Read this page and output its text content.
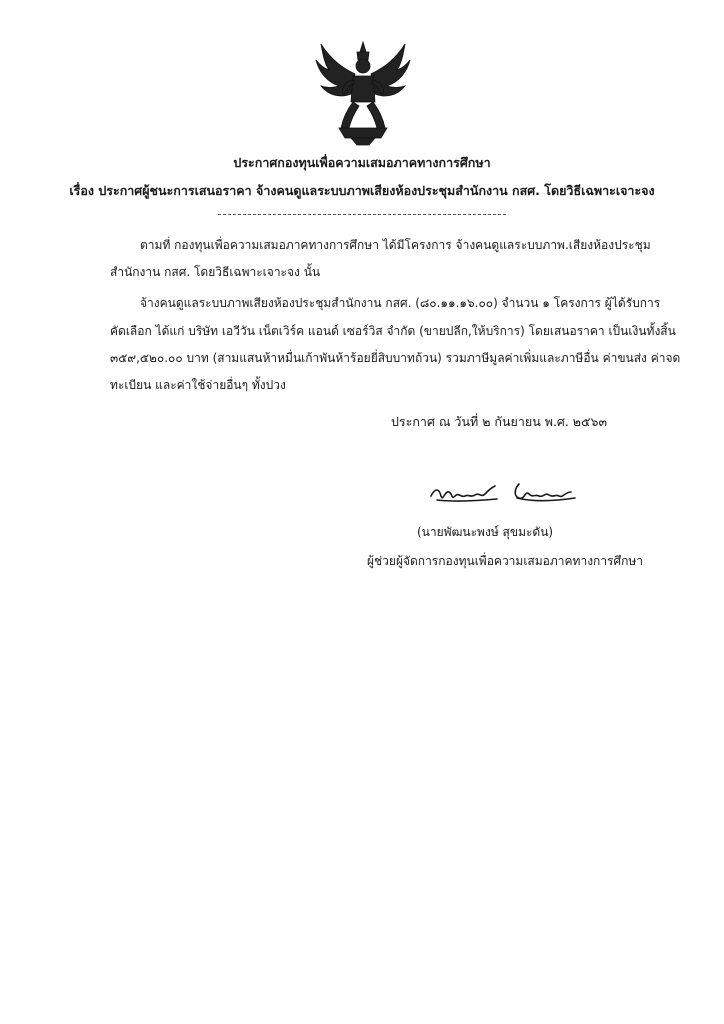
ประกาศกองทุนเพื่อความเสมอภาคทางการศึกษา
เรื่อง ประกาศผู้ชนะการเสนอราคา จ้างคนดูแลระบบภาพเสียงห้องประชุมสำนักงาน กสศ. โดยวิธีเฉพาะเจาะจง
ตามที่ กองทุนเพื่อความเสมอภาคทางการศึกษา ได้มีโครงการ จ้างคนดูแลระบบภาพ.เสียงห้องประชุม
สำนักงาน กสศ. โดยวิธีเฉพาะเจาะจง นั้น
จ้างคนดูแลระบบภาพเสียงห้องประชุมสำนักงาน กสศ. (๘๐.๑๑.๑๖.๐๐) จำนวน ๑ โครงการ ผู้ได้รับการ
คัดเลือก ได้แก่ บริษัท เอวีวัน เน็ตเวิร์ค แอนด์ เซอร์วิส จำกัด (ขายปลีก,ให้บริการ) โดยเสนอราคา เป็นเงินทั้งสิ้น
๓๕๙,๕๒๐.๐๐ บาท (สามแสนห้าหมื่นเก้าพันห้าร้อยยี่สิบบาทถ้วน) รวมภาษีมูลค่าเพิ่มและภาษีอื่น ค่าขนส่ง ค่าจด
ทะเบียน และค่าใช้จ่ายอื่นๆ ทั้งปวง
ประกาศ ณ วันที่ ๒ กันยายน พ.ศ. ๒๕๖๓
(นายพัฒนะพงษ์ สุขมะดัน)
ผู้ช่วยผู้จัดการกองทุนเพื่อความเสมอภาคทางการศึกษา
